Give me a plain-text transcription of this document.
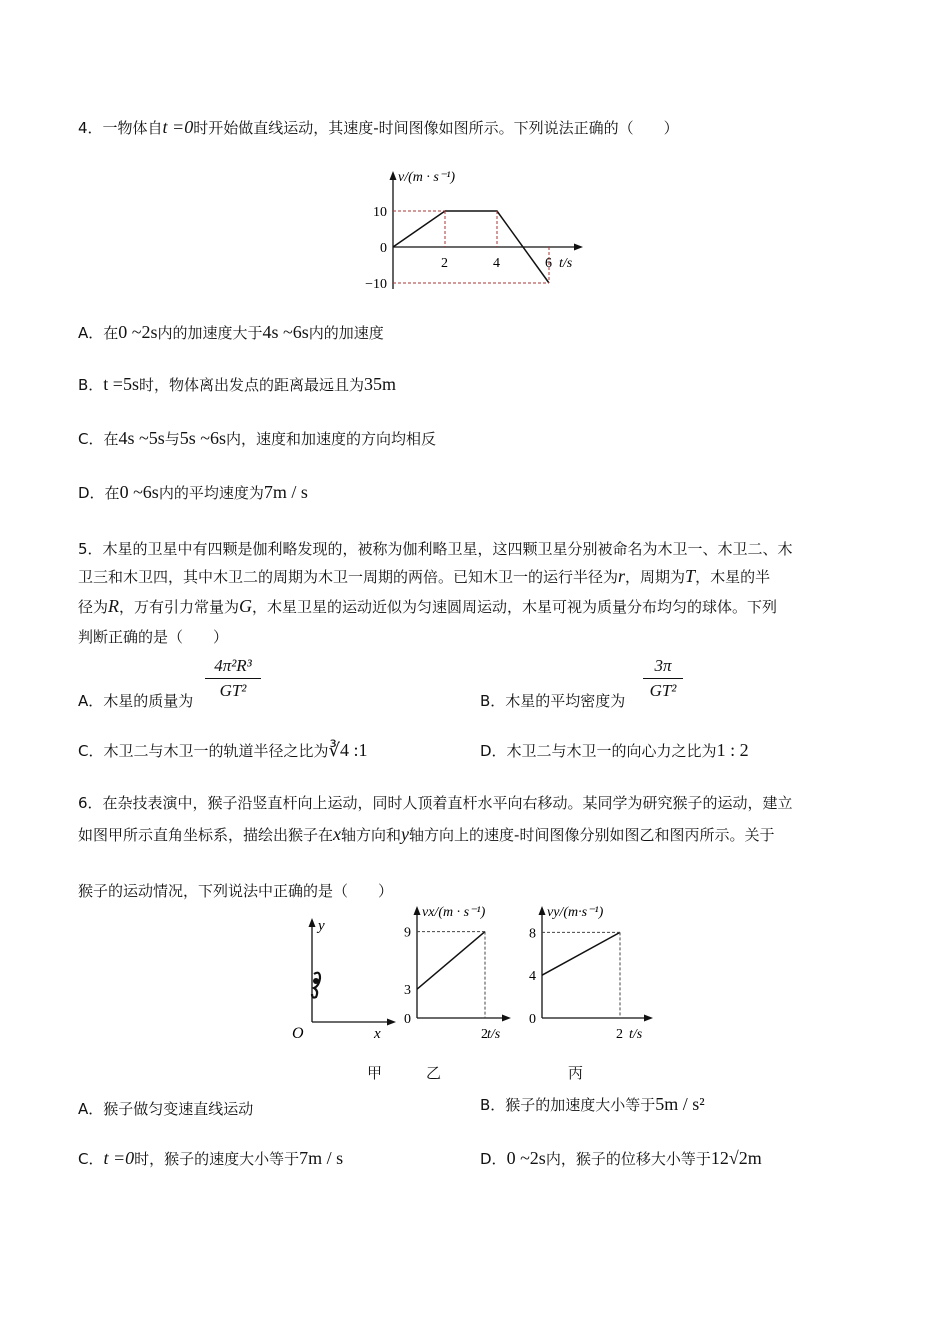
4．一物体自t =0时开始做直线运动，其速度-时间图像如图所示。下列说法正确的（　　）
v/(m · s⁻¹)
t/s
2	4	6
10
0
−10
A．在0 ~2s内的加速度大于4s ~6s内的加速度
B．t =5s时，物体离出发点的距离最远且为35m
C．在4s ~5s与5s ~6s内，速度和加速度的方向均相反
D．在0 ~6s内的平均速度为7m / s
5．木星的卫星中有四颗是伽利略发现的，被称为伽利略卫星，这四颗卫星分别被命名为木卫一、木卫二、木
卫三和木卫四，其中木卫二的周期为木卫一周期的两倍。已知木卫一的运行半径为r，周期为T，木星的半
径为R，万有引力常量为G，木星卫星的运动近似为匀速圆周运动，木星可视为质量分布均匀的球体。下列
判断正确的是（　　）
A．木星的质量为
4π²R³
GT²
B．木星的平均密度为
3π
GT²
C．木卫二与木卫一的轨道半径之比为∛4 :1	D．木卫二与木卫一的向心力之比为1 : 2
6．在杂技表演中，猴子沿竖直杆向上运动，同时人顶着直杆水平向右移动。某同学为研究猴子的运动，建立
如图甲所示直角坐标系，描绘出猴子在x轴方向和y轴方向上的速度-时间图像分别如图乙和图丙所示。关于
猴子的运动情况，下列说法中正确的是（　　）
y
x
O
vx/(m · s⁻¹)
t/s
2
9
3
0
vy/(m·s⁻¹)
t/s
2
8
4
0
甲	乙	丙
A．猴子做匀变速直线运动	B．猴子的加速度大小等于5m / s²
C．t =0时，猴子的速度大小等于7m / s	D．0 ~2s内，猴子的位移大小等于12√2m
